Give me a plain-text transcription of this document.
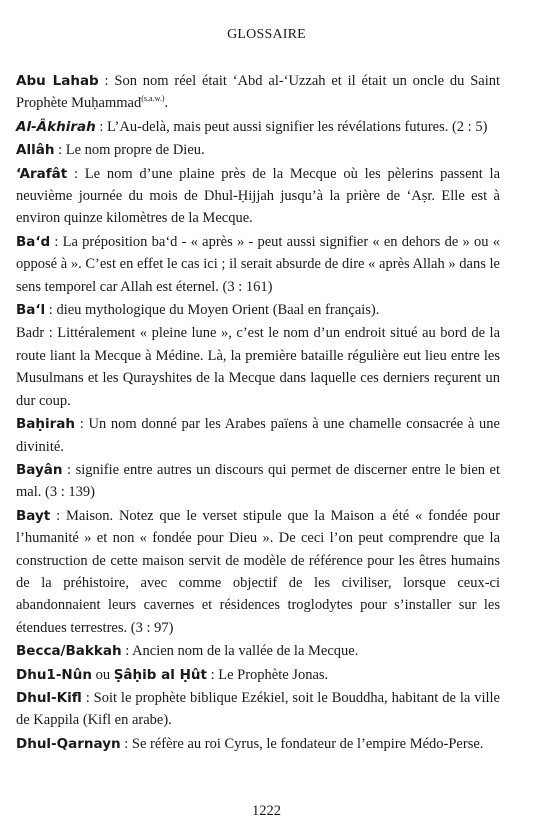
GLOSSAIRE

Abu Lahab : Son nom réel était ‘Abd al-‘Uzzah et il était un oncle du Saint Prophète Muḥammad$^{(s.a.w.)}$.

Al-Âkhirah : L’Au-delà, mais peut aussi signifier les révélations futures. (2 : 5)

Allâh : Le nom propre de Dieu.

‘Arafât : Le nom d’une plaine près de la Mecque où les pèlerins passent la neuvième journée du mois de Dhul-Ḥijjah jusqu’à la prière de ‘Aṣr. Elle est à environ quinze kilomètres de la Mecque.

Ba‘d : La préposition ba‘d - « après » - peut aussi signifier « en dehors de » ou « opposé à ». C’est en effet le cas ici ; il serait absurde de dire « après Allah » dans le sens temporel car Allah est éternel. (3 : 161)

Ba‘l : dieu mythologique du Moyen Orient (Baal en français).

Badr : Littéralement « pleine lune », c’est le nom d’un endroit situé au bord de la route liant la Mecque à Médine. Là, la première bataille régulière eut lieu entre les Musulmans et les Qurayshites de la Mecque dans laquelle ces derniers reçurent un dur coup.

Baḥirah : Un nom donné par les Arabes païens à une chamelle consacrée à une divinité.

Bayân : signifie entre autres un discours qui permet de discerner entre le bien et mal. (3 : 139)

Bayt : Maison. Notez que le verset stipule que la Maison a été « fondée pour l’humanité » et non « fondée pour Dieu ». De ceci l’on peut comprendre que la construction de cette maison servit de modèle de référence pour les êtres humains de la préhistoire, avec comme objectif de les civiliser, lorsque ceux-ci abandonnaient leurs cavernes et résidences troglodytes pour s’installer sur les étendues terrestres. (3 : 97)

Becca/Bakkah : Ancien nom de la vallée de la Mecque.

Dhu1-Nûn ou Ṣâḥib al Ḥût : Le Prophète Jonas.

Dhul-Kifl : Soit le prophète biblique Ezékiel, soit le Bouddha, habitant de la ville de Kappila (Kifl en arabe).

Dhul-Qarnayn : Se réfère au roi Cyrus, le fondateur de l’empire Médo-Perse.

1222
